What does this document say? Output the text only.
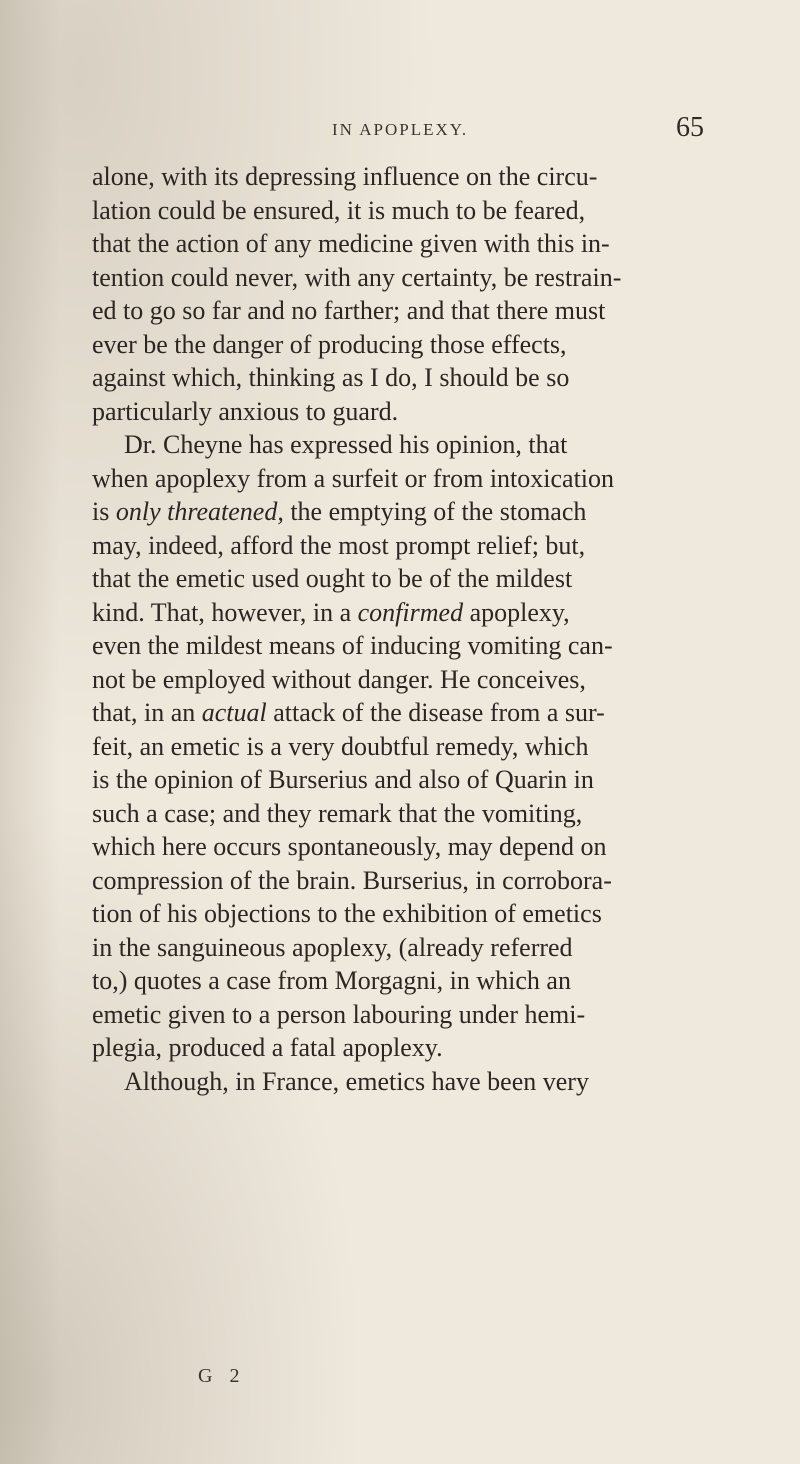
IN APOPLEXY.	65
alone, with its depressing influence on the circu-
lation could be ensured, it is much to be feared,
that the action of any medicine given with this in-
tention could never, with any certainty, be restrain-
ed to go so far and no farther; and that there must
ever be the danger of producing those effects,
against which, thinking as I do, I should be so
particularly anxious to guard.
Dr. Cheyne has expressed his opinion, that
when apoplexy from a surfeit or from intoxication
is only threatened, the emptying of the stomach
may, indeed, afford the most prompt relief; but,
that the emetic used ought to be of the mildest
kind. That, however, in a confirmed apoplexy,
even the mildest means of inducing vomiting can-
not be employed without danger. He conceives,
that, in an actual attack of the disease from a sur-
feit, an emetic is a very doubtful remedy, which
is the opinion of Burserius and also of Quarin in
such a case; and they remark that the vomiting,
which here occurs spontaneously, may depend on
compression of the brain. Burserius, in corrobora-
tion of his objections to the exhibition of emetics
in the sanguineous apoplexy, (already referred
to,) quotes a case from Morgagni, in which an
emetic given to a person labouring under hemi-
plegia, produced a fatal apoplexy.
Although, in France, emetics have been very
G 2
